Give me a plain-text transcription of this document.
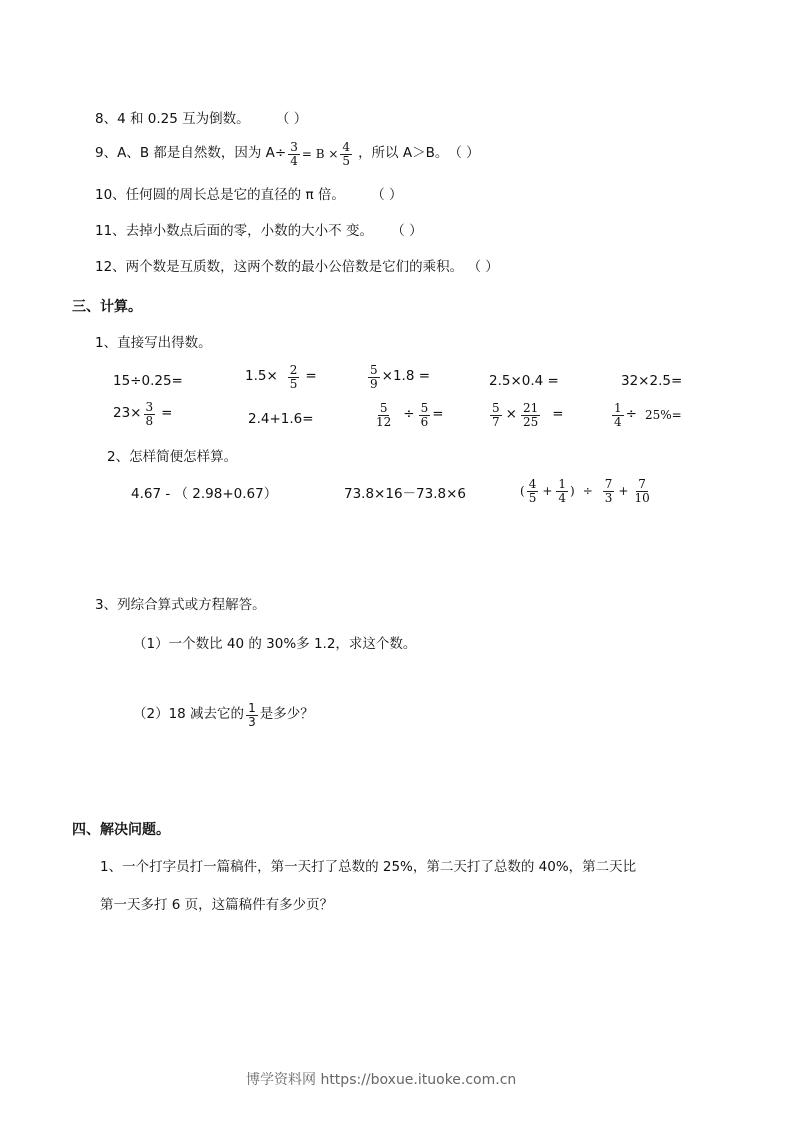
8、4 和 0.25 互为倒数。 （ ）
9、A、B 都是自然数，因为 $A\div \frac{3}{4} = B \times \frac{4}{5}$ ，所以 A＞B。 （ ）
10、任何圆的周长总是它的直径的 π 倍。 （ ）
11、去掉小数点后面的零，小数的大小不 变。 （ ）
12、两个数是互质数，这两个数的最小公倍数是它们的乘积。 （ ）
三、计算。
1、直接写出得数。
15÷0.25=	$1.5\times \frac{2}{5}$ =	$\frac{5}{9} \times 1.8$ =	2.5×0.4 =	32×2.5=
$23\times \frac{3}{8}$ =	2.4+1.6=	$\frac{5}{12} \div \frac{5}{6}$ =	$\frac{5}{7} \times \frac{21}{25}$ =	$\frac{1}{4} \div 25\%=$
2、怎样简便怎样算。
4.67 - （ 2.98+0.67）	73.8×16－73.8×6	( $\frac{4}{5} + \frac{1}{4}$ ) ÷ $\frac{7}{3} + \frac{7}{10}$
3、列综合算式或方程解答。
（1）一个数比 40 的 30%多 1.2，求这个数。
（2）18 减去它的 $\frac{1}{3}$ 是多少？
四、解决问题。
1、一个打字员打一篇稿件，第一天打了总数的 25%，第二天打了总数的 40%，第二天比
第一天多打 6 页，这篇稿件有多少页？
博学资料网 https://boxue.ituoke.com.cn
